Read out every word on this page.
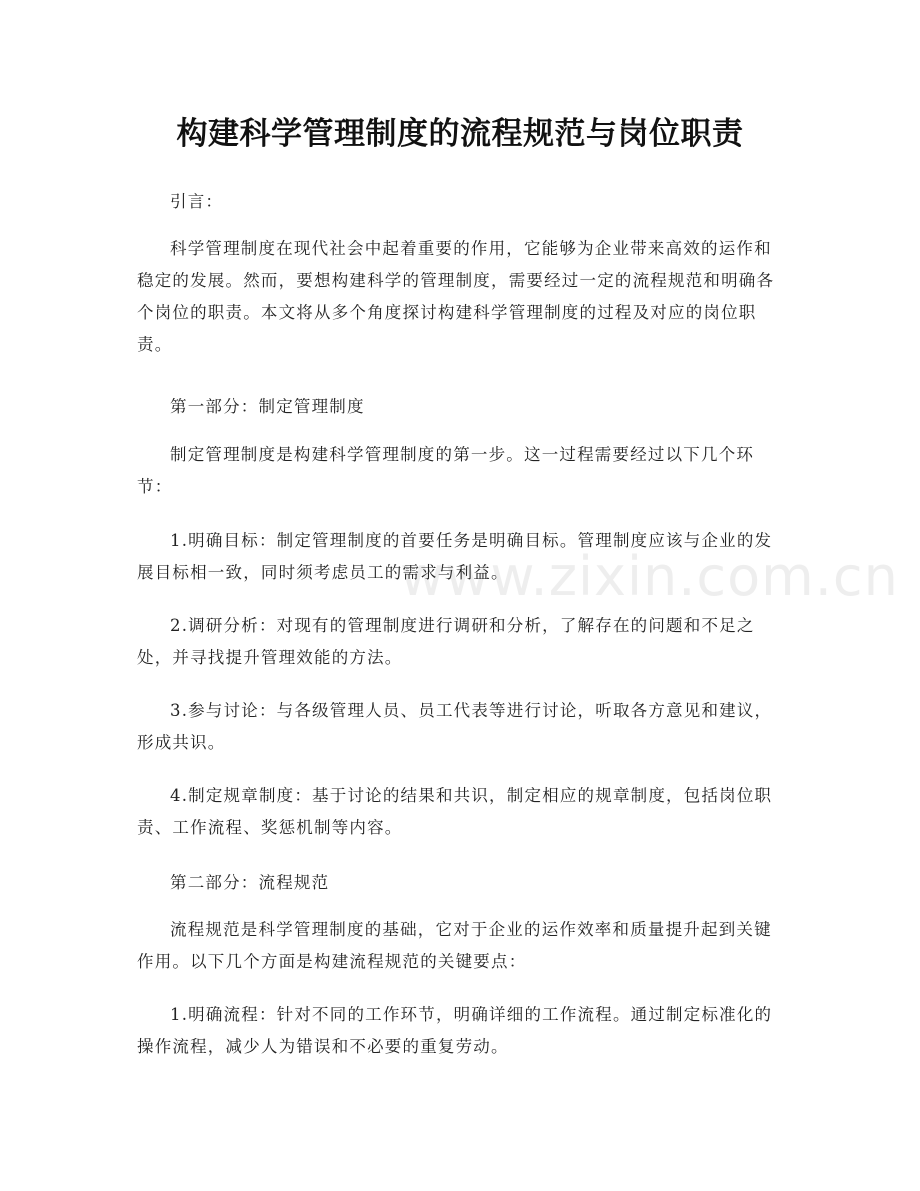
构建科学管理制度的流程规范与岗位职责

引言：

科学管理制度在现代社会中起着重要的作用，它能够为企业带来高效的运作和稳定的发展。然而，要想构建科学的管理制度，需要经过一定的流程规范和明确各个岗位的职责。本文将从多个角度探讨构建科学管理制度的过程及对应的岗位职责。

第一部分：制定管理制度

制定管理制度是构建科学管理制度的第一步。这一过程需要经过以下几个环节：

1.明确目标：制定管理制度的首要任务是明确目标。管理制度应该与企业的发展目标相一致，同时须考虑员工的需求与利益。

2.调研分析：对现有的管理制度进行调研和分析，了解存在的问题和不足之处，并寻找提升管理效能的方法。

3.参与讨论：与各级管理人员、员工代表等进行讨论，听取各方意见和建议，形成共识。

4.制定规章制度：基于讨论的结果和共识，制定相应的规章制度，包括岗位职责、工作流程、奖惩机制等内容。

第二部分：流程规范

流程规范是科学管理制度的基础，它对于企业的运作效率和质量提升起到关键作用。以下几个方面是构建流程规范的关键要点：

1.明确流程：针对不同的工作环节，明确详细的工作流程。通过制定标准化的操作流程，减少人为错误和不必要的重复劳动。

www.zixin.com.cn
